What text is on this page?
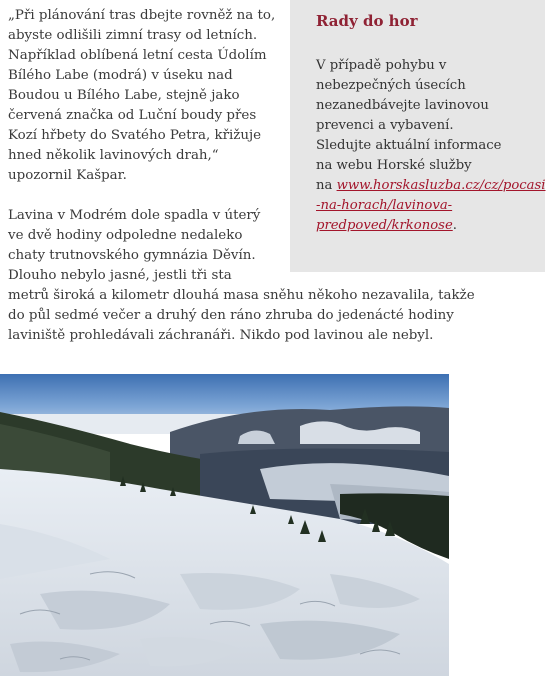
„Při plánování tras dbejte rovněž na to, abyste odlišili zimní trasy od letních. Například oblíbená letní cesta Údolím Bílého Labe (modrá) v úseku nad Boudou u Bílého Labe, stejně jako červená značka od Luční boudy přes Kozí hřbety do Svatého Petra, křižuje hned několik lavinových drah,“ upozornil Kašpar.
Lavina v Modrém dole spadla v úterý
ve dvě hodiny odpoledne nedaleko
chaty trutnovského gymnázia Děvín.
Dlouho nebylo jasné, jestli tři sta
metrů široká a kilometr dlouhá masa sněhu někoho nezavalila, takže
do půl sedmé večer a druhý den ráno zhruba do jedenácté hodiny
laviniště prohledávali záchranáři. Nikdo pod lavinou ale nebyl.
Rady do hor
V případě pohybu v
nebezpečných úsecích
nezanedbávejte lavinovou
prevenci a vybavení.
Sledujte aktuální informace
na webu Horské služby
na www.horskasluzba.cz/cz/pocasi
-na-horach/lavinova-
predpoved/krkonose.
